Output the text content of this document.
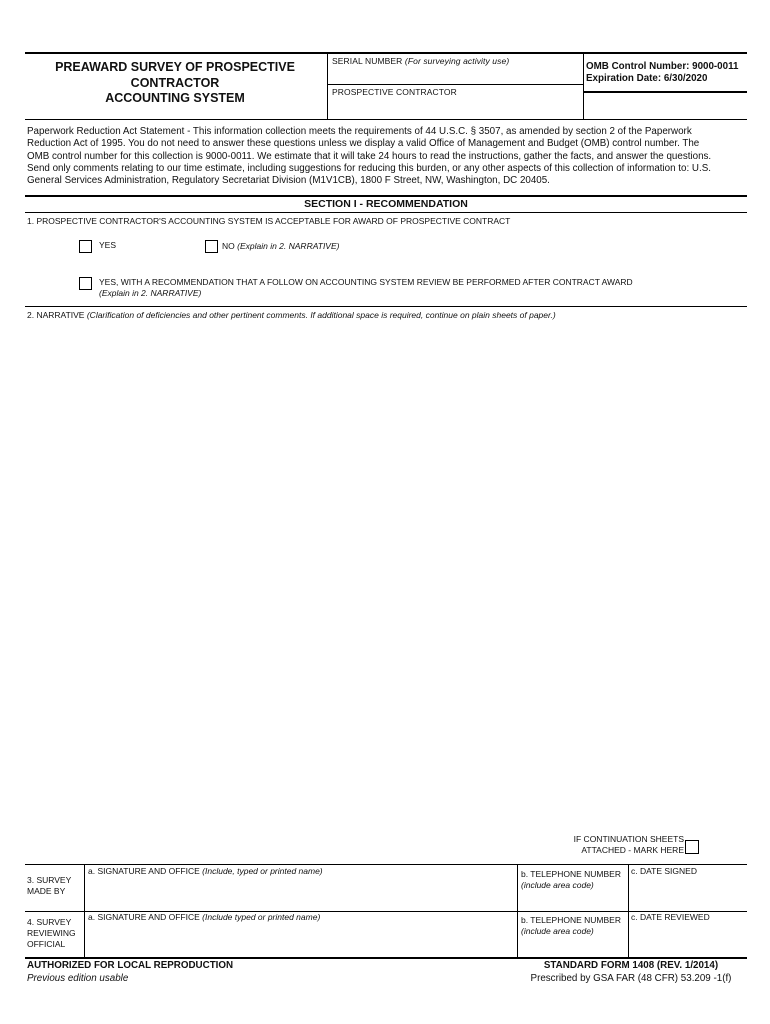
PREAWARD SURVEY OF PROSPECTIVE
CONTRACTOR
ACCOUNTING SYSTEM
SERIAL NUMBER (For surveying activity use)
PROSPECTIVE CONTRACTOR
OMB Control Number: 9000-0011
Expiration Date: 6/30/2020
Paperwork Reduction Act Statement - This information collection meets the requirements of 44 U.S.C. § 3507, as amended by section 2 of the Paperwork
Reduction Act of 1995. You do not need to answer these questions unless we display a valid Office of Management and Budget (OMB) control number. The
OMB control number for this collection is 9000-0011. We estimate that it will take 24 hours to read the instructions, gather the facts, and answer the questions.
Send only comments relating to our time estimate, including suggestions for reducing this burden, or any other aspects of this collection of information to: U.S.
General Services Administration, Regulatory Secretariat Division (M1V1CB), 1800 F Street, NW, Washington, DC 20405.
SECTION I - RECOMMENDATION
1. PROSPECTIVE CONTRACTOR'S ACCOUNTING SYSTEM IS ACCEPTABLE FOR AWARD OF PROSPECTIVE CONTRACT
YES	NO (Explain in 2. NARRATIVE)
YES, WITH A RECOMMENDATION THAT A FOLLOW ON ACCOUNTING SYSTEM REVIEW BE PERFORMED AFTER CONTRACT AWARD
(Explain in 2. NARRATIVE)
2. NARRATIVE (Clarification of deficiencies and other pertinent comments. If additional space is required, continue on plain sheets of paper.)
IF CONTINUATION SHEETS
ATTACHED - MARK HERE
3. SURVEY
MADE BY
a. SIGNATURE AND OFFICE (Include, typed or printed name)	b. TELEPHONE NUMBER
(include area code)
c. DATE SIGNED
4. SURVEY
REVIEWING
OFFICIAL
a. SIGNATURE AND OFFICE (Include typed or printed name)	b. TELEPHONE NUMBER
(include area code)
c. DATE REVIEWED
AUTHORIZED FOR LOCAL REPRODUCTION
Previous edition usable
STANDARD FORM 1408 (REV. 1/2014)
Prescribed by GSA FAR (48 CFR) 53.209 -1(f)
